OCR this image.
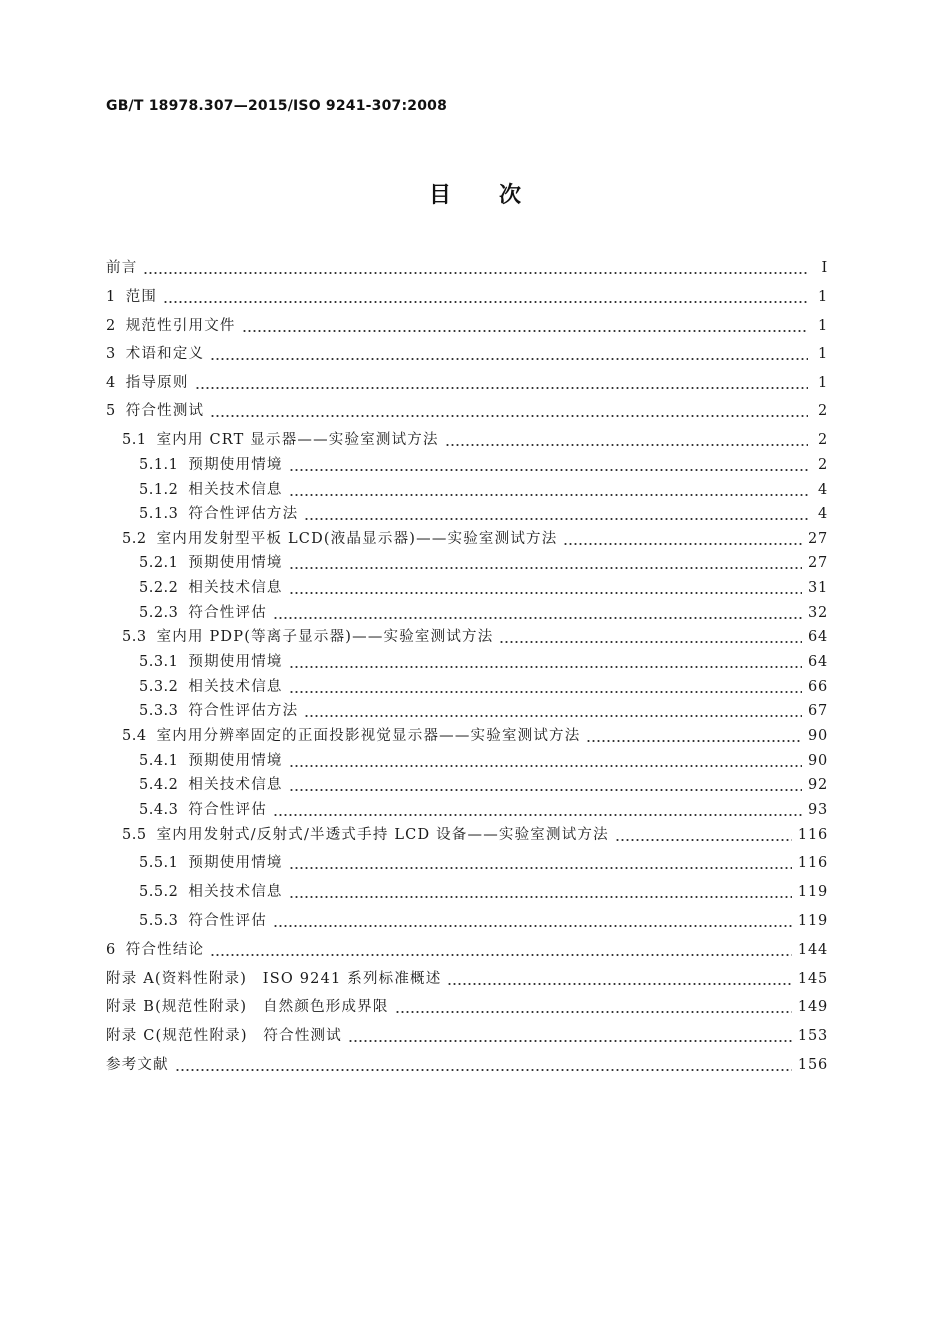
GB/T 18978.307—2015/ISO 9241-307:2008
目次
前言	Ⅰ
1 范围	1
2 规范性引用文件	1
3 术语和定义	1
4 指导原则	1
5 符合性测试	2
5.1 室内用 CRT 显示器——实验室测试方法	2
5.1.1 预期使用情境	2
5.1.2 相关技术信息	4
5.1.3 符合性评估方法	4
5.2 室内用发射型平板 LCD(液晶显示器)——实验室测试方法	27
5.2.1 预期使用情境	27
5.2.2 相关技术信息	31
5.2.3 符合性评估	32
5.3 室内用 PDP(等离子显示器)——实验室测试方法	64
5.3.1 预期使用情境	64
5.3.2 相关技术信息	66
5.3.3 符合性评估方法	67
5.4 室内用分辨率固定的正面投影视觉显示器——实验室测试方法	90
5.4.1 预期使用情境	90
5.4.2 相关技术信息	92
5.4.3 符合性评估	93
5.5 室内用发射式/反射式/半透式手持 LCD 设备——实验室测试方法	116
5.5.1 预期使用情境	116
5.5.2 相关技术信息	119
5.5.3 符合性评估	119
6 符合性结论	144
附录 A(资料性附录)　ISO 9241 系列标准概述	145
附录 B(规范性附录)　自然颜色形成界限	149
附录 C(规范性附录)　符合性测试	153
参考文献	156
